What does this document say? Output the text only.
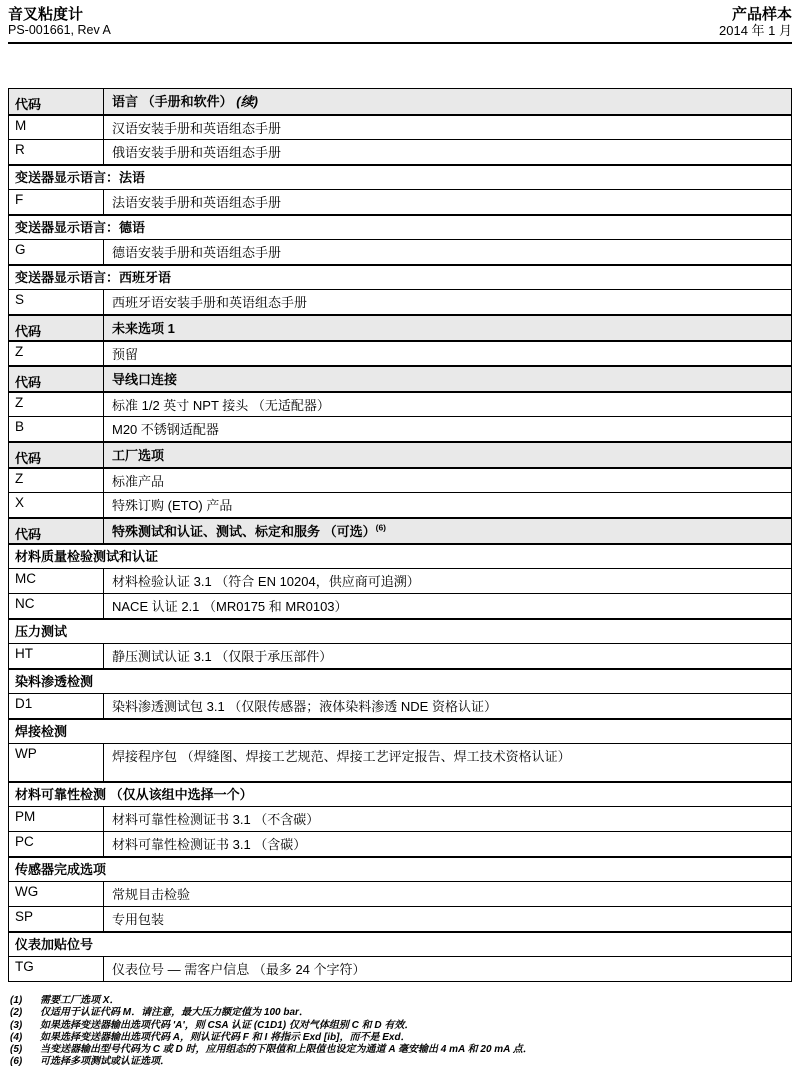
音叉粘度计
PS-001661, Rev A
产品样本
2014 年 1 月
代码	语言 （手册和软件） (续)
M	汉语安装手册和英语组态手册
R	俄语安装手册和英语组态手册
变送器显示语言：法语
F	法语安装手册和英语组态手册
变送器显示语言：德语
G	德语安装手册和英语组态手册
变送器显示语言：西班牙语
S	西班牙语安装手册和英语组态手册
代码	未来选项 1
Z	预留
代码	导线口连接
Z	标准 1/2 英寸 NPT 接头 （无适配器）
B	M20 不锈钢适配器
代码	工厂选项
Z	标准产品
X	特殊订购 (ETO) 产品
代码	特殊测试和认证、测试、标定和服务 （可选）$^{(6)}$
材料质量检验测试和认证
MC	材料检验认证 3.1 （符合 EN 10204，供应商可追溯）
NC	NACE 认证 2.1 （MR0175 和 MR0103）
压力测试
HT	静压测试认证 3.1 （仅限于承压部件）
染料渗透检测
D1	染料渗透测试包 3.1 （仅限传感器；液体染料渗透 NDE 资格认证）
焊接检测
WP	焊接程序包 （焊缝图、焊接工艺规范、焊接工艺评定报告、焊工技术资格认证）
材料可靠性检测 （仅从该组中选择一个）
PM	材料可靠性检测证书 3.1 （不含碳）
PC	材料可靠性检测证书 3.1 （含碳）
传感器完成选项
WG	常规目击检验
SP	专用包装
仪表加贴位号
TG	仪表位号 — 需客户信息 （最多 24 个字符）
(1)	需要工厂选项 X．
(2)	仅适用于认证代码 M．请注意，最大压力额定值为 100 bar．
(3)	如果选择变送器输出选项代码 'A'，则 CSA 认证 (C1D1) 仅对气体组别 C 和 D 有效．
(4)	如果选择变送器输出选项代码 A，则认证代码 F 和 I 将指示 Exd [ib]，而不是 Exd．
(5)	当变送器输出型号代码为 C 或 D 时，应用组态的下限值和上限值也设定为通道 A 毫安输出 4 mA 和 20 mA 点．
(6)	可选择多项测试或认证选项．
